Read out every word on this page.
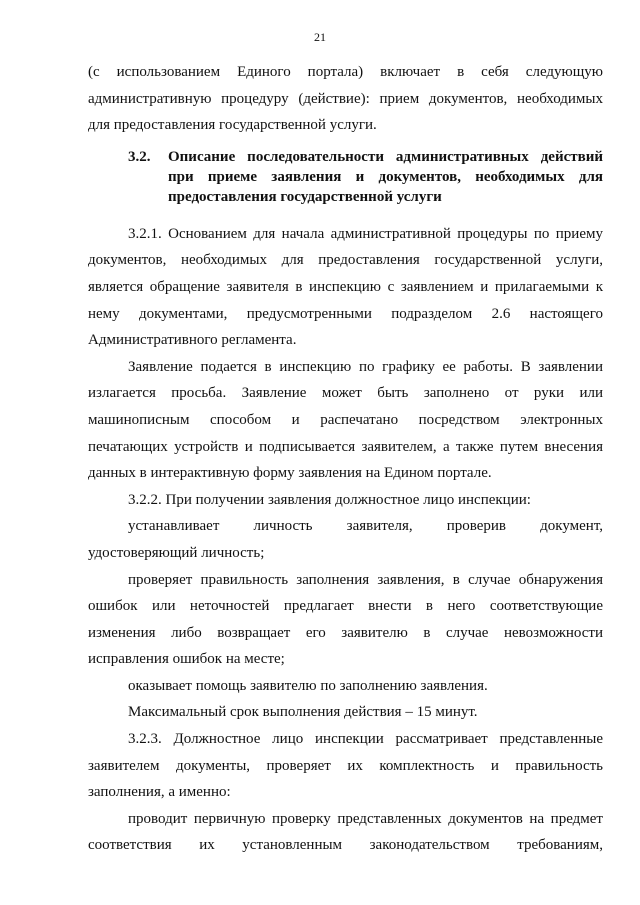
21
(с использованием Единого портала) включает в себя следующую
административную процедуру (действие): прием документов, необходимых
для предоставления государственной услуги.
3.2.	Описание последовательности административных действий
при приеме заявления и документов, необходимых для
предоставления государственной услуги
3.2.1. Основанием для начала административной процедуры по приему
документов, необходимых для предоставления государственной услуги,
является обращение заявителя в инспекцию с заявлением и прилагаемыми к
нему документами, предусмотренными подразделом 2.6 настоящего
Административного регламента.
Заявление подается в инспекцию по графику ее работы. В заявлении
излагается просьба. Заявление может быть заполнено от руки или
машинописным способом и распечатано посредством электронных
печатающих устройств и подписывается заявителем, а также путем внесения
данных в интерактивную форму заявления на Едином портале.
3.2.2. При получении заявления должностное лицо инспекции:
устанавливает личность заявителя, проверив документ,
удостоверяющий личность;
проверяет правильность заполнения заявления, в случае обнаружения
ошибок или неточностей предлагает внести в него соответствующие
изменения либо возвращает его заявителю в случае невозможности
исправления ошибок на месте;
оказывает помощь заявителю по заполнению заявления.
Максимальный срок выполнения действия – 15 минут.
3.2.3. Должностное лицо инспекции рассматривает представленные
заявителем документы, проверяет их комплектность и правильность
заполнения, а именно:
проводит первичную проверку представленных документов на предмет
соответствия их установленным законодательством требованиям,
